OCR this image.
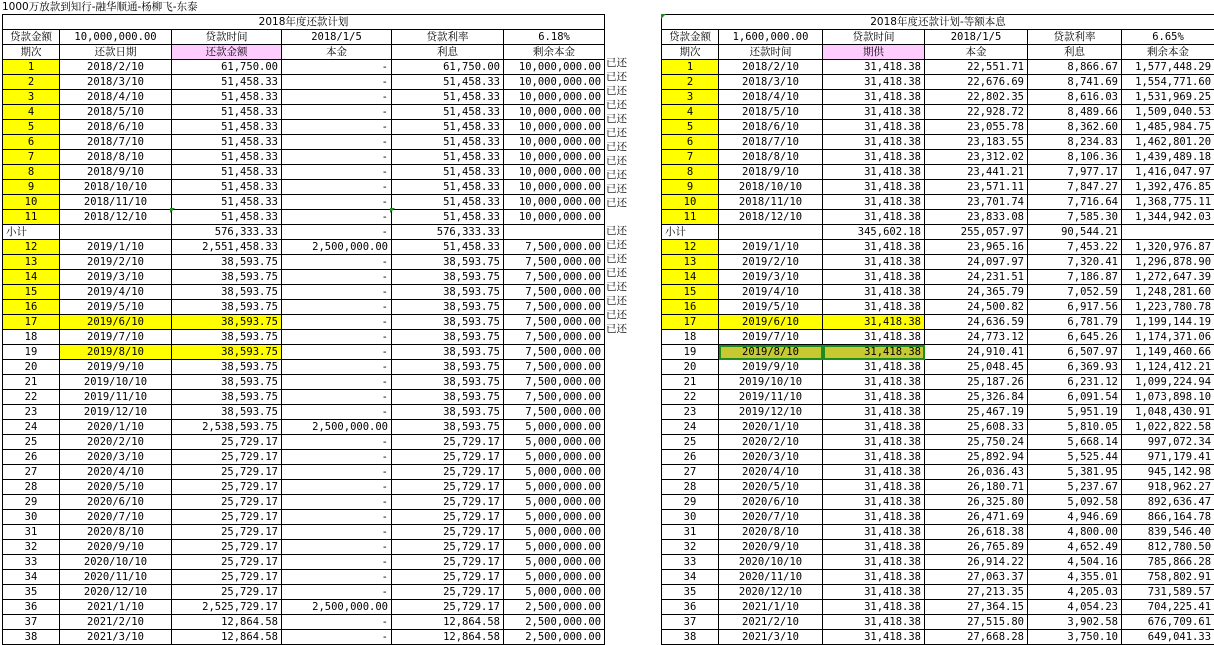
1000万放款到知行-融华顺通-杨柳飞-东泰
2018年度还款计划					
贷款金额	10,000,000.00	贷款时间	2018/1/5	贷款利率	6.18%
期次	还款日期	还款金额	本金	利息	剩余本金
1	2018/2/10	61,750.00	-	61,750.00	10,000,000.00
2	2018/3/10	51,458.33	-	51,458.33	10,000,000.00
3	2018/4/10	51,458.33	-	51,458.33	10,000,000.00
4	2018/5/10	51,458.33	-	51,458.33	10,000,000.00
5	2018/6/10	51,458.33	-	51,458.33	10,000,000.00
6	2018/7/10	51,458.33	-	51,458.33	10,000,000.00
7	2018/8/10	51,458.33	-	51,458.33	10,000,000.00
8	2018/9/10	51,458.33	-	51,458.33	10,000,000.00
9	2018/10/10	51,458.33	-	51,458.33	10,000,000.00
10	2018/11/10	51,458.33	-	51,458.33	10,000,000.00
11	2018/12/10	51,458.33	-	51,458.33	10,000,000.00
小计		576,333.33	-	576,333.33	
12	2019/1/10	2,551,458.33	2,500,000.00	51,458.33	7,500,000.00
13	2019/2/10	38,593.75	-	38,593.75	7,500,000.00
14	2019/3/10	38,593.75	-	38,593.75	7,500,000.00
15	2019/4/10	38,593.75	-	38,593.75	7,500,000.00
16	2019/5/10	38,593.75	-	38,593.75	7,500,000.00
17	2019/6/10	38,593.75	-	38,593.75	7,500,000.00
18	2019/7/10	38,593.75	-	38,593.75	7,500,000.00
19	2019/8/10	38,593.75	-	38,593.75	7,500,000.00
20	2019/9/10	38,593.75	-	38,593.75	7,500,000.00
21	2019/10/10	38,593.75	-	38,593.75	7,500,000.00
22	2019/11/10	38,593.75	-	38,593.75	7,500,000.00
23	2019/12/10	38,593.75	-	38,593.75	7,500,000.00
24	2020/1/10	2,538,593.75	2,500,000.00	38,593.75	5,000,000.00
25	2020/2/10	25,729.17	-	25,729.17	5,000,000.00
26	2020/3/10	25,729.17	-	25,729.17	5,000,000.00
27	2020/4/10	25,729.17	-	25,729.17	5,000,000.00
28	2020/5/10	25,729.17	-	25,729.17	5,000,000.00
29	2020/6/10	25,729.17	-	25,729.17	5,000,000.00
30	2020/7/10	25,729.17	-	25,729.17	5,000,000.00
31	2020/8/10	25,729.17	-	25,729.17	5,000,000.00
32	2020/9/10	25,729.17	-	25,729.17	5,000,000.00
33	2020/10/10	25,729.17	-	25,729.17	5,000,000.00
34	2020/11/10	25,729.17	-	25,729.17	5,000,000.00
35	2020/12/10	25,729.17	-	25,729.17	5,000,000.00
36	2021/1/10	2,525,729.17	2,500,000.00	25,729.17	2,500,000.00
37	2021/2/10	12,864.58	-	12,864.58	2,500,000.00
38	2021/3/10	12,864.58	-	12,864.58	2,500,000.00
已还
已还
已还
已还
已还
已还
已还
已还
已还
已还
已还
已还
已还
已还
已还
已还
已还
已还
已还
2018年度还款计划-等额本息					
贷款金额	1,600,000.00	贷款时间	2018/1/5	贷款利率	6.65%
期次	还款时间	期供	本金	利息	剩余本金
1	2018/2/10	31,418.38	22,551.71	8,866.67	1,577,448.29
2	2018/3/10	31,418.38	22,676.69	8,741.69	1,554,771.60
3	2018/4/10	31,418.38	22,802.35	8,616.03	1,531,969.25
4	2018/5/10	31,418.38	22,928.72	8,489.66	1,509,040.53
5	2018/6/10	31,418.38	23,055.78	8,362.60	1,485,984.75
6	2018/7/10	31,418.38	23,183.55	8,234.83	1,462,801.20
7	2018/8/10	31,418.38	23,312.02	8,106.36	1,439,489.18
8	2018/9/10	31,418.38	23,441.21	7,977.17	1,416,047.97
9	2018/10/10	31,418.38	23,571.11	7,847.27	1,392,476.85
10	2018/11/10	31,418.38	23,701.74	7,716.64	1,368,775.11
11	2018/12/10	31,418.38	23,833.08	7,585.30	1,344,942.03
小计		345,602.18	255,057.97	90,544.21	
12	2019/1/10	31,418.38	23,965.16	7,453.22	1,320,976.87
13	2019/2/10	31,418.38	24,097.97	7,320.41	1,296,878.90
14	2019/3/10	31,418.38	24,231.51	7,186.87	1,272,647.39
15	2019/4/10	31,418.38	24,365.79	7,052.59	1,248,281.60
16	2019/5/10	31,418.38	24,500.82	6,917.56	1,223,780.78
17	2019/6/10	31,418.38	24,636.59	6,781.79	1,199,144.19
18	2019/7/10	31,418.38	24,773.12	6,645.26	1,174,371.06
19	2019/8/10	31,418.38	24,910.41	6,507.97	1,149,460.66
20	2019/9/10	31,418.38	25,048.45	6,369.93	1,124,412.21
21	2019/10/10	31,418.38	25,187.26	6,231.12	1,099,224.94
22	2019/11/10	31,418.38	25,326.84	6,091.54	1,073,898.10
23	2019/12/10	31,418.38	25,467.19	5,951.19	1,048,430.91
24	2020/1/10	31,418.38	25,608.33	5,810.05	1,022,822.58
25	2020/2/10	31,418.38	25,750.24	5,668.14	997,072.34
26	2020/3/10	31,418.38	25,892.94	5,525.44	971,179.41
27	2020/4/10	31,418.38	26,036.43	5,381.95	945,142.98
28	2020/5/10	31,418.38	26,180.71	5,237.67	918,962.27
29	2020/6/10	31,418.38	26,325.80	5,092.58	892,636.47
30	2020/7/10	31,418.38	26,471.69	4,946.69	866,164.78
31	2020/8/10	31,418.38	26,618.38	4,800.00	839,546.40
32	2020/9/10	31,418.38	26,765.89	4,652.49	812,780.50
33	2020/10/10	31,418.38	26,914.22	4,504.16	785,866.28
34	2020/11/10	31,418.38	27,063.37	4,355.01	758,802.91
35	2020/12/10	31,418.38	27,213.35	4,205.03	731,589.57
36	2021/1/10	31,418.38	27,364.15	4,054.23	704,225.41
37	2021/2/10	31,418.38	27,515.80	3,902.58	676,709.61
38	2021/3/10	31,418.38	27,668.28	3,750.10	649,041.33
